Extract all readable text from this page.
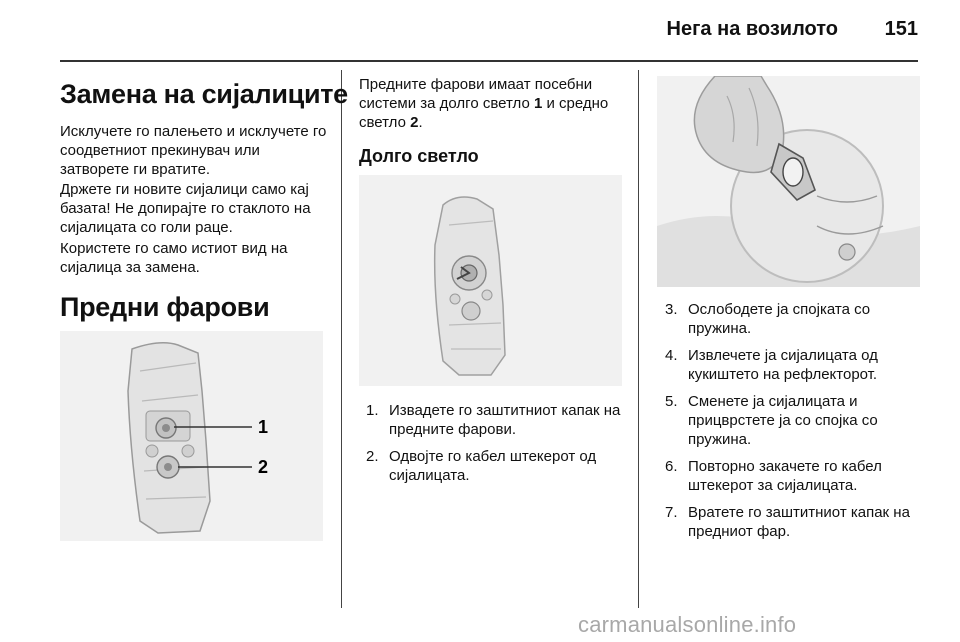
Нега на возилото 151
Замена на сијалиците
Исклучете го палењето и исклучете го соодветниот прекинувач или затворете ги вратите.
Држете ги новите сијалици само кај базата! Не допирајте го стаклото на сијалицата со голи раце.
Користете го само истиот вид на сијалица за замена.
Предни фарови
1
2
Предните фарови имаат посебни системи за долго светло 1 и средно светло 2.
Долго светло
1. Извадете го заштитниот капак на предните фарови.
2. Одвојте го кабел штекерот од сијалицата.
3. Ослободете ја спојката со пружина.
4. Извлечете ја сијалицата од кукиштето на рефлекторот.
5. Сменете ја сијалицата и прицврстете ја со спојка со пружина.
6. Повторно закачете го кабел штекерот за сијалицата.
7. Вратете го заштитниот капак на предниот фар.
carmanualsonline.info
